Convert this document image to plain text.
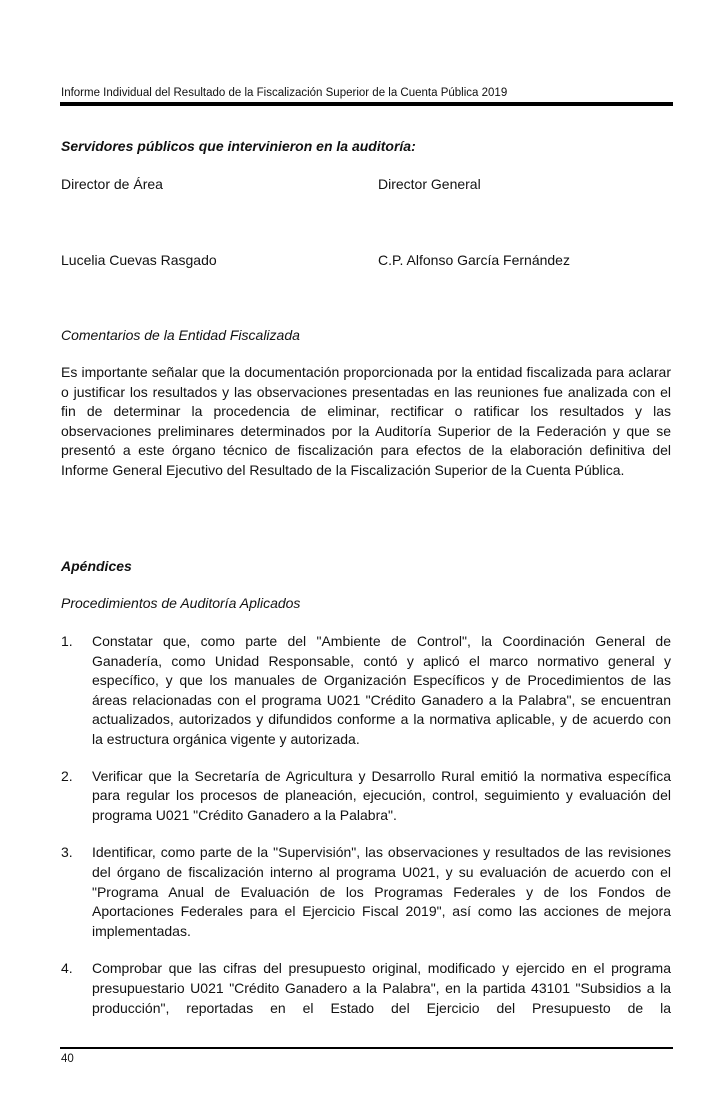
Informe Individual del Resultado de la Fiscalización Superior de la Cuenta Pública 2019
Servidores públicos que intervinieron en la auditoría:
Director de Área	Director General
Lucelia Cuevas Rasgado	C.P. Alfonso García Fernández
Comentarios de la Entidad Fiscalizada

Es importante señalar que la documentación proporcionada por la entidad fiscalizada para aclarar o justificar los resultados y las observaciones presentadas en las reuniones fue analizada con el fin de determinar la procedencia de eliminar, rectificar o ratificar los resultados y las observaciones preliminares determinados por la Auditoría Superior de la Federación y que se presentó a este órgano técnico de fiscalización para efectos de la elaboración definitiva del Informe General Ejecutivo del Resultado de la Fiscalización Superior de la Cuenta Pública.

Apéndices
Procedimientos de Auditoría Aplicados
1. Constatar que, como parte del "Ambiente de Control", la Coordinación General de Ganadería, como Unidad Responsable, contó y aplicó el marco normativo general y específico, y que los manuales de Organización Específicos y de Procedimientos de las áreas relacionadas con el programa U021 "Crédito Ganadero a la Palabra", se encuentran actualizados, autorizados y difundidos conforme a la normativa aplicable, y de acuerdo con la estructura orgánica vigente y autorizada.
2. Verificar que la Secretaría de Agricultura y Desarrollo Rural emitió la normativa específica para regular los procesos de planeación, ejecución, control, seguimiento y evaluación del programa U021 "Crédito Ganadero a la Palabra".
3. Identificar, como parte de la "Supervisión", las observaciones y resultados de las revisiones del órgano de fiscalización interno al programa U021, y su evaluación de acuerdo con el "Programa Anual de Evaluación de los Programas Federales y de los Fondos de Aportaciones Federales para el Ejercicio Fiscal 2019", así como las acciones de mejora implementadas.
4. Comprobar que las cifras del presupuesto original, modificado y ejercido en el programa presupuestario U021 "Crédito Ganadero a la Palabra", en la partida 43101 "Subsidios a la producción", reportadas en el Estado del Ejercicio del Presupuesto de la
40
